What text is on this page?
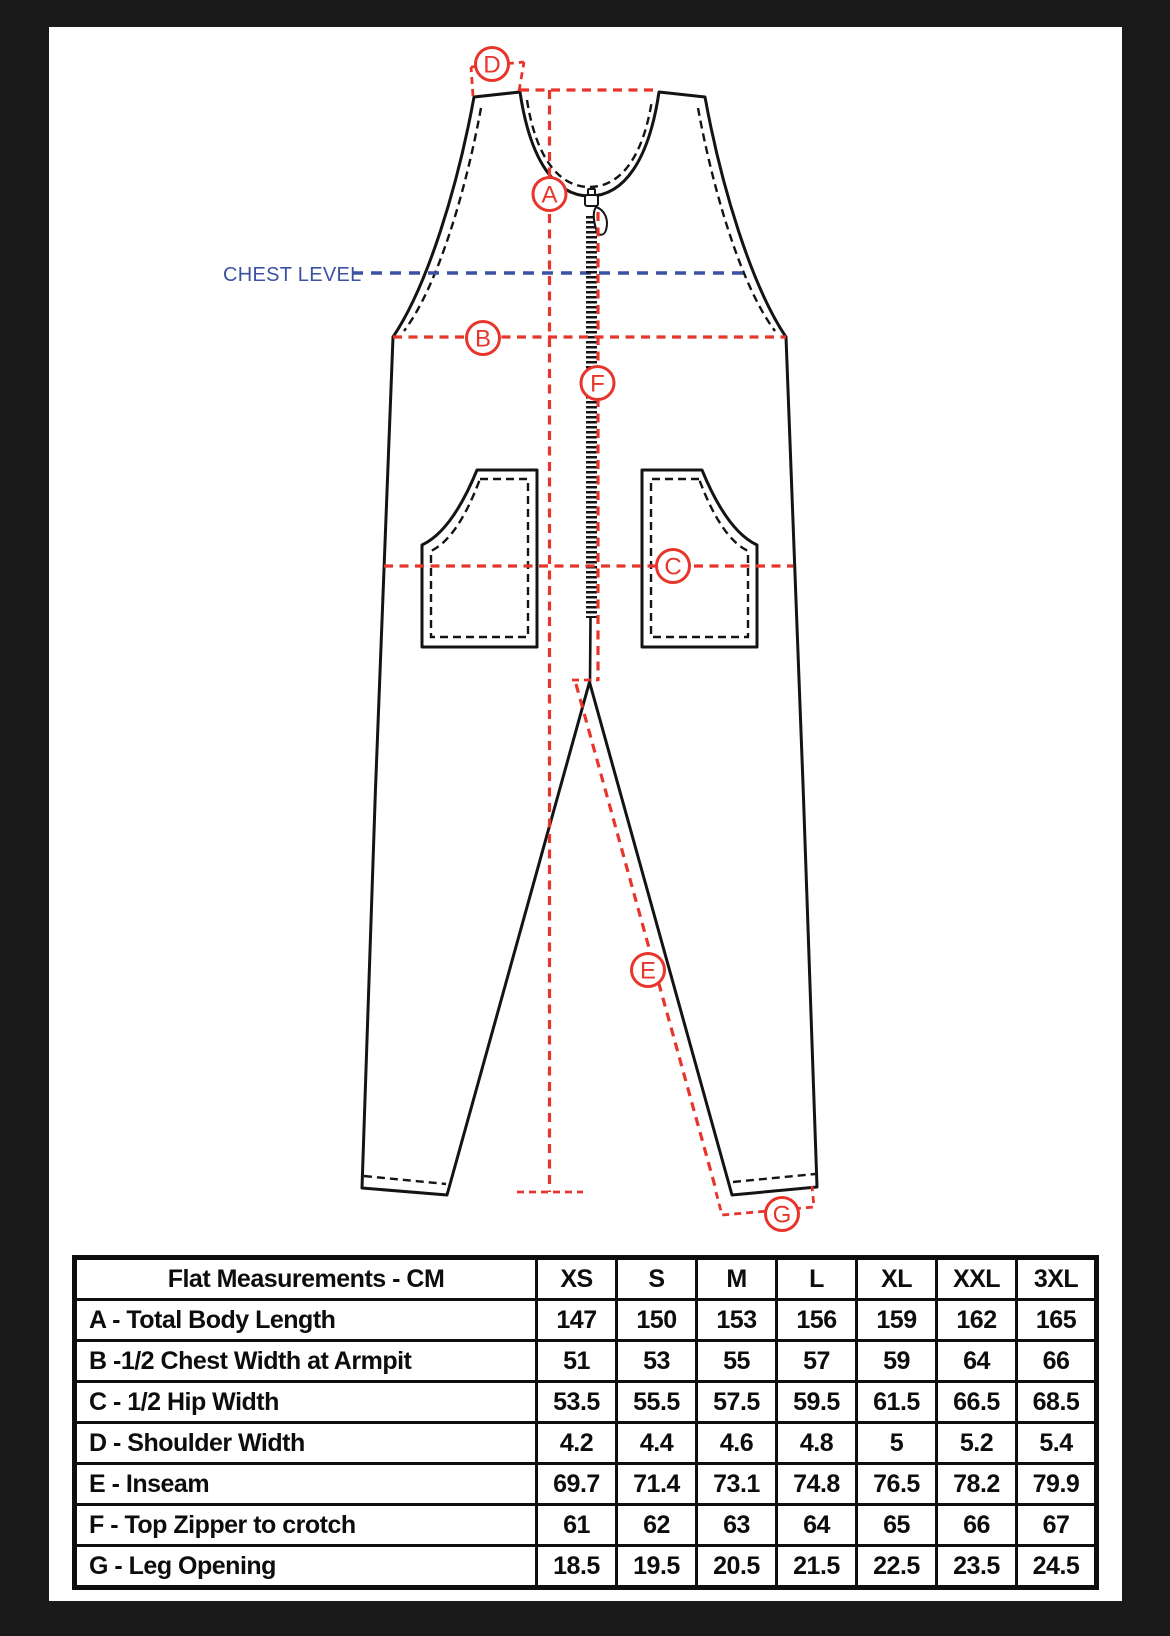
CHEST LEVEL
D
A
B
F
C
E
G
Flat Measurements - CM	XS	S	M	L	XL	XXL	3XL
A - Total Body Length	147	150	153	156	159	162	165
B -1/2 Chest Width at Armpit	51	53	55	57	59	64	66
C - 1/2 Hip Width	53.5	55.5	57.5	59.5	61.5	66.5	68.5
D - Shoulder Width	4.2	4.4	4.6	4.8	5	5.2	5.4
E - Inseam	69.7	71.4	73.1	74.8	76.5	78.2	79.9
F - Top Zipper to crotch	61	62	63	64	65	66	67
G - Leg Opening	18.5	19.5	20.5	21.5	22.5	23.5	24.5
